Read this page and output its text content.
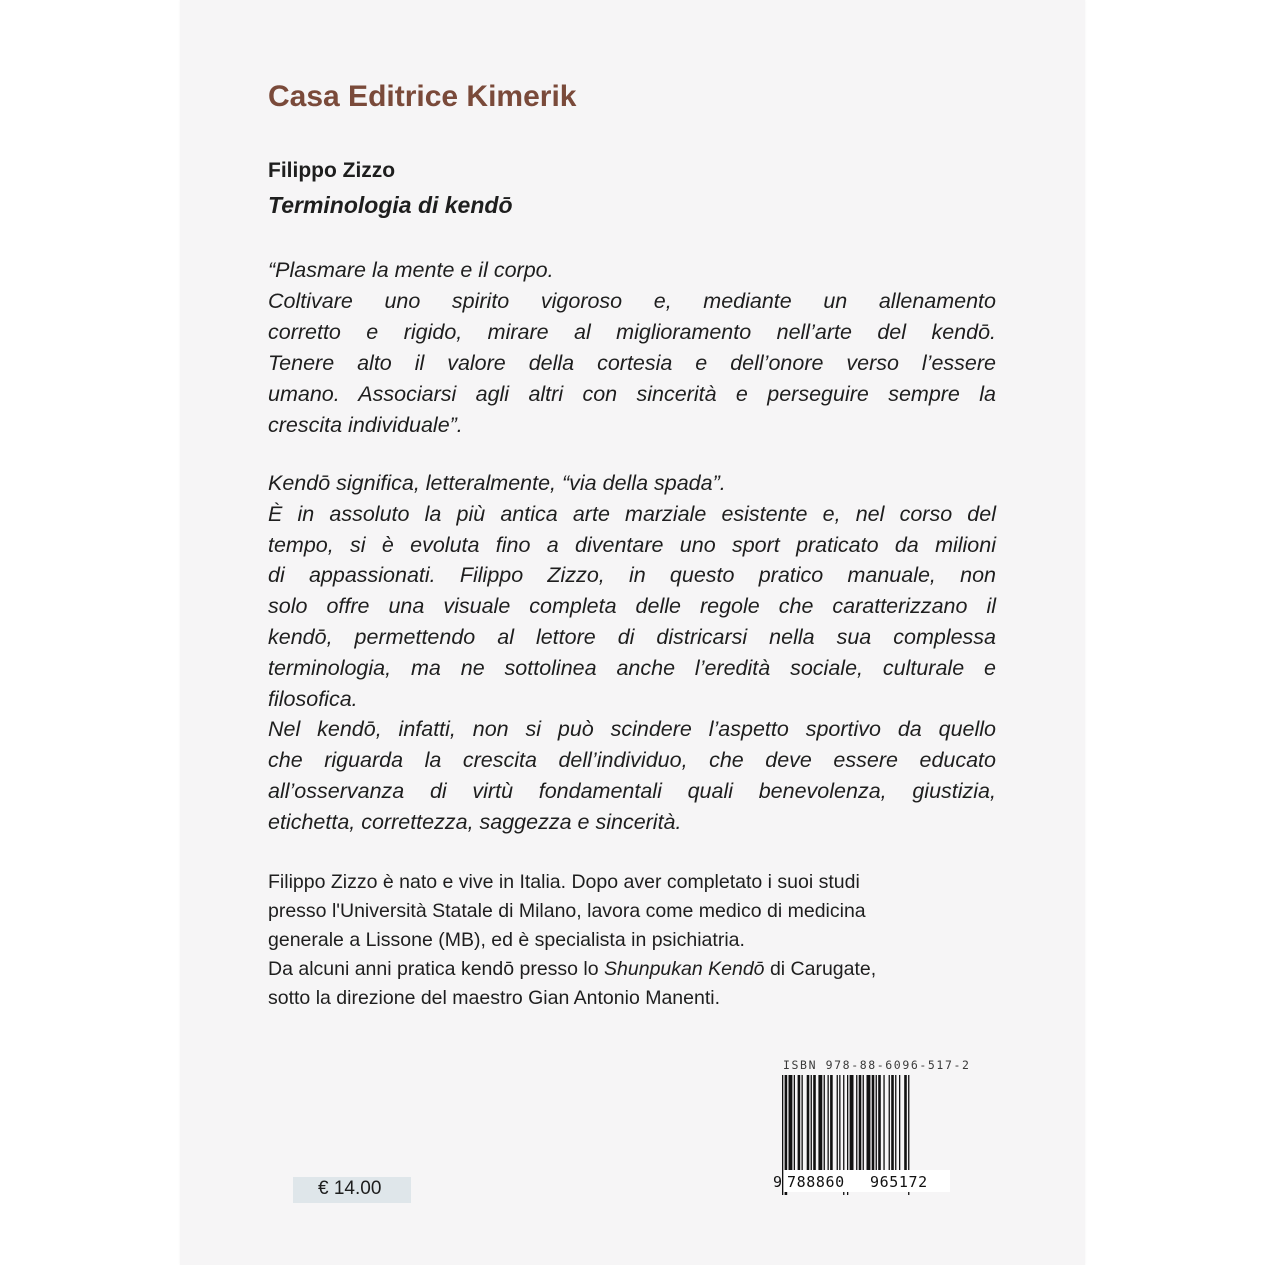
Casa Editrice Kimerik
Filippo Zizzo
Terminologia di kendō
“Plasmare la mente e il corpo.
Coltivare uno spirito vigoroso e, mediante un allenamento
corretto e rigido, mirare al miglioramento nell’arte del kendō.
Tenere alto il valore della cortesia e dell’onore verso l’essere
umano. Associarsi agli altri con sincerità e perseguire sempre la
crescita individuale”.
Kendō significa, letteralmente, “via della spada”.
È in assoluto la più antica arte marziale esistente e, nel corso del
tempo, si è evoluta fino a diventare uno sport praticato da milioni
di appassionati. Filippo Zizzo, in questo pratico manuale, non
solo offre una visuale completa delle regole che caratterizzano il
kendō, permettendo al lettore di districarsi nella sua complessa
terminologia, ma ne sottolinea anche l’eredità sociale, culturale e
filosofica.
Nel kendō, infatti, non si può scindere l’aspetto sportivo da quello
che riguarda la crescita dell’individuo, che deve essere educato
all’osservanza di virtù fondamentali quali benevolenza, giustizia,
etichetta, correttezza, saggezza e sincerità.
Filippo Zizzo è nato e vive in Italia. Dopo aver completato i suoi studi
presso l'Università Statale di Milano, lavora come medico di medicina
generale a Lissone (MB), ed è specialista in psichiatria.
Da alcuni anni pratica kendō presso lo Shunpukan Kendō di Carugate,
sotto la direzione del maestro Gian Antonio Manenti.
ISBN 978-88-6096-517-2
9 788860 965172
€ 14.00
